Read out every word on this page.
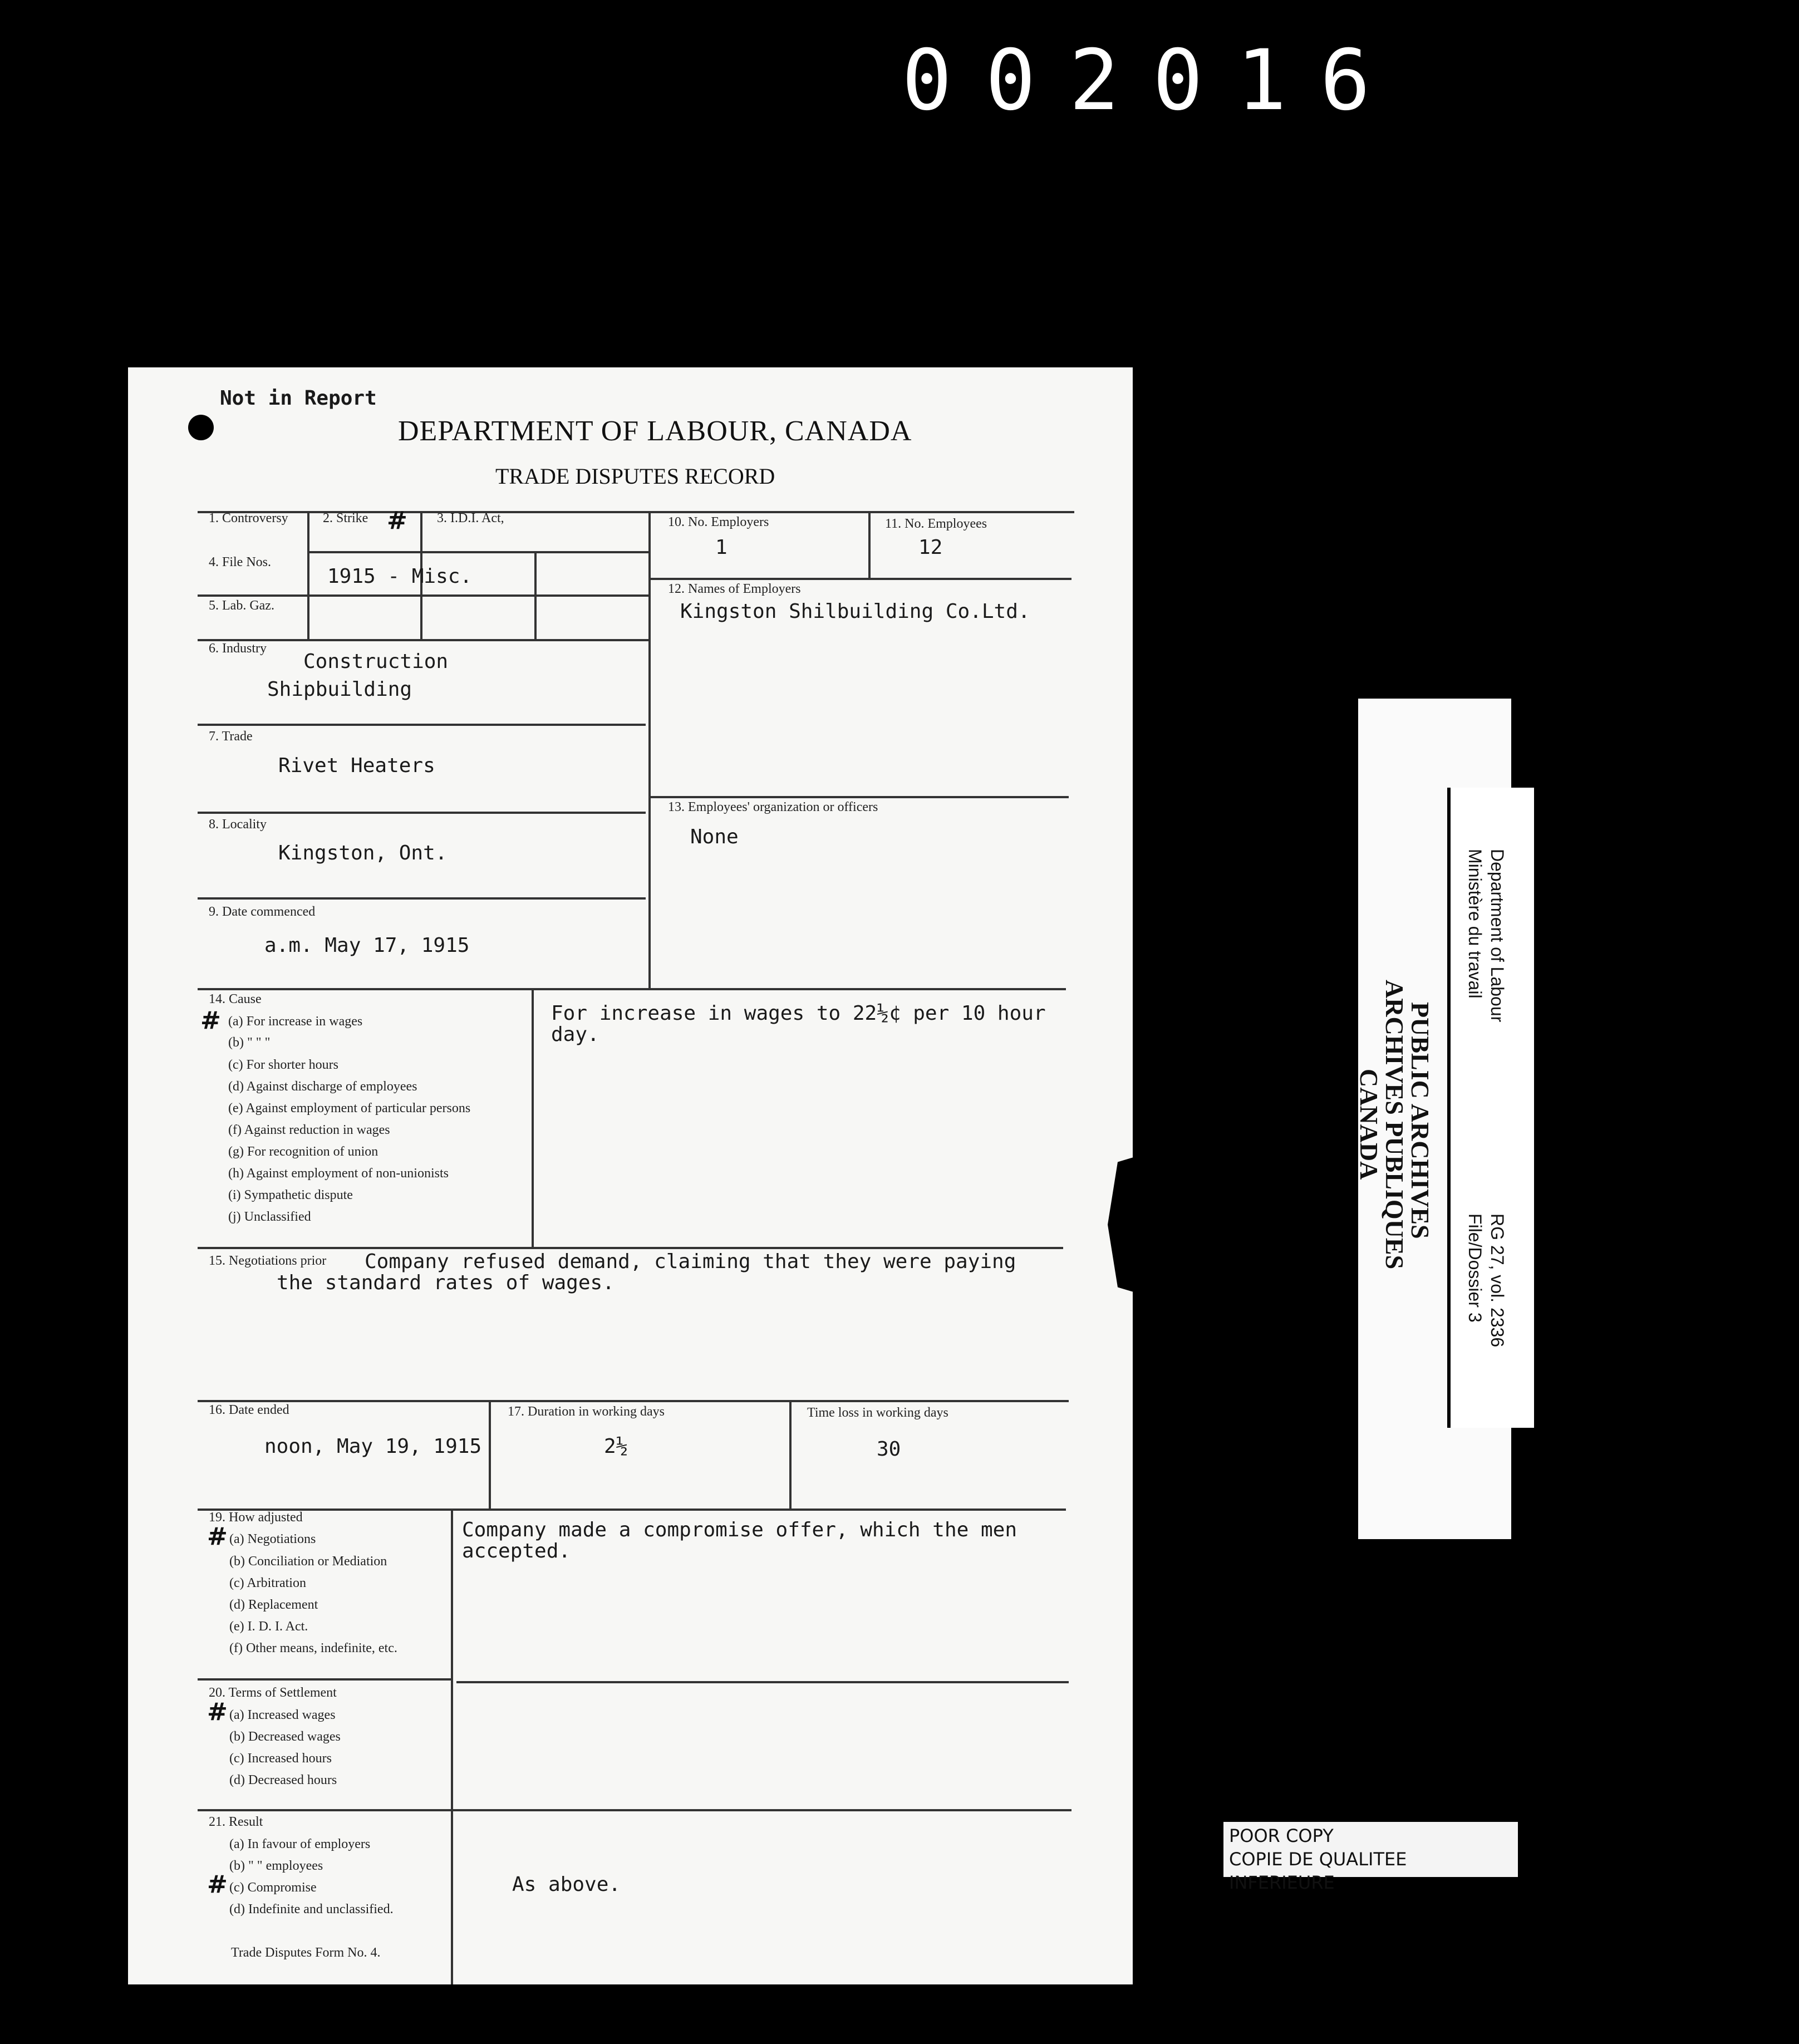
002016
Not in Report
DEPARTMENT OF LABOUR, CANADA
TRADE DISPUTES RECORD
1. Controversy	2. Strike # 3. I.D.I. Act,	10. No. Employers
1
11. No. Employees
12
4. File Nos.
1915 - Misc.
5. Lab. Gaz.
12. Names of Employers
Kingston Shilbuilding Co.Ltd.
6. Industry
Construction
Shipbuilding
7. Trade
Rivet Heaters
13. Employees' organization or officers
None
8. Locality
Kingston, Ont.
9. Date commenced
a.m. May 17, 1915
14. Cause
# (a) For increase in wages
(b) " " "
(c) For shorter hours
(d) Against discharge of employees
(e) Against employment of particular persons
(f) Against reduction in wages
(g) For recognition of union
(h) Against employment of non-unionists
(i) Sympathetic dispute
(j) Unclassified
For increase in wages to 22½¢ per 10 hour
day.
15. Negotiations prior Company refused demand, claiming that they were paying
the standard rates of wages.
16. Date ended
noon, May 19, 1915
17. Duration in working days
2½
Time loss in working days
30
19. How adjusted
# (a) Negotiations
(b) Conciliation or Mediation
(c) Arbitration
(d) Replacement
(e) I. D. I. Act.
(f) Other means, indefinite, etc.
Company made a compromise offer, which the men
accepted.
20. Terms of Settlement
# (a) Increased wages
(b) Decreased wages
(c) Increased hours
(d) Decreased hours
21. Result
(a) In favour of employers
(b) " " employees
# (c) Compromise
(d) Indefinite and unclassified.
As above.
Trade Disputes Form No. 4.
Department of Labour
Ministère du travail
PUBLIC ARCHIVES
ARCHIVES PUBLIQUES
CANADA
RG 27, vol. 2336
File/Dossier 3
POOR COPY
COPIE DE QUALITEE INFERIEURE
